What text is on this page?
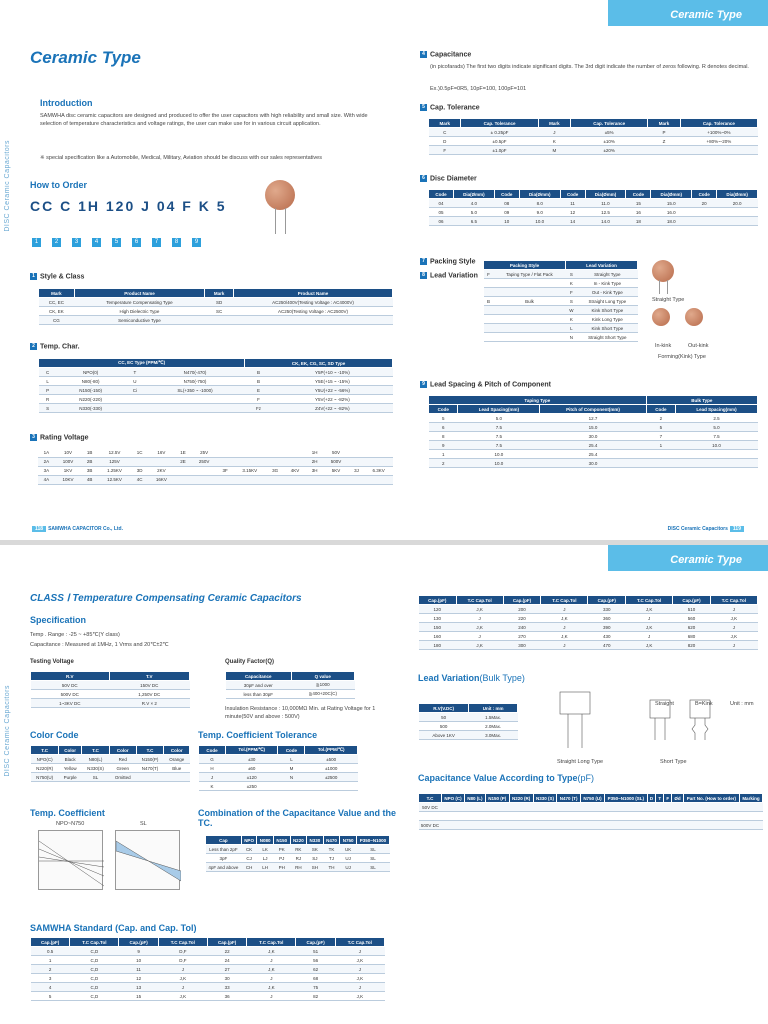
Ceramic Type
DISC Ceramic Capacitors
Ceramic Type
Introduction
SAMWHA disc ceramic capacitors are designed and produced to offer the user capacitors with high reliability and small size. With wide selection of temperature characteristics and voltage ratings, the user can make use for in various circuit application.
※ special specification like a Automobile, Medical, Military, Aviation should be discuss with our sales representatives
How to Order
CC C 1H 120 J 04 F K 5
1	2	3	4	5	6	7	8	9
1 Style & Class
Mark	Product Name	Mark	Product Name
CC, EC	Temperature Compensating Type	SD	AC250/400V(Testing Voltage : AC4000V)
CK, EK	High Dielectric Type	SC	AC250(Testing Voltage : AC2500V)
CG	Semiconductive Type		
2 Temp. Char.
CC, EC Type (PPM/℃)				CK, EK, CG, SC, SD Type	
C	NPO(0)	T	N470(-470)	B	Y5P(+10 ~ -10%)
L	N80(-80)	U	N750(-750)	B	Y5E(+15 ~ -15%)
P	N150(-150)	Ci	SL(+350 ~ -1000)	E	Y5U(+22 ~ -56%)
R	N220(-220)			F	Y5V(+22 ~ -82%)
S	N330(-330)			Fz	Z4V(+22 ~ -82%)
3 Rating Voltage
1A	10V	1B	12.5V	1C	16V	1E	25V					1H	50V		
2A	100V	2B	125V			2E	250V					2H	500V		
3A	1KV	3B	1.25KV	3D	2KV			3F	3.15KV	3G	4KV	3H	5KV	3J	6.3KV
4A	10KV	4B	12.5KV	4C	16KV										
4 Capacitance
(in picofarads) The first two digits indicate significant digits. The 3rd digit indicate the number of zeros following. R denotes decimal.
Ex.)0.5pF=0R5, 10pF=100, 100pF=101
5 Cap. Tolerance
Mark	Cap. Tolerance	Mark	Cap. Tolerance	Mark	Cap. Tolerance
C	± 0.25pF	J	±5%	P	+100%~0%
D	±0.5pF	K	±10%	Z	+80%~-20%
F	±1.0pF	M	±20%		
6 Disc Diameter
Code	Dia(Ømm)	Code	Dia(Ømm)	Code	Dia(Ømm)	Code	Dia(Ømm)	Code	Dia(Ømm)
04	4.0	08	8.0	11	11.0	15	15.0	20	20.0
05	5.0	09	9.0	12	12.5	16	16.0		
06	6.5	10	10.0	14	14.0	18	18.0		
7 Packing Style
8 Lead Variation
Packing Style		Lead Variation	
F	Taping Type / Flat Pack	S	Straight Type
		K	In - Kink Type
		F	Out - Kink Type
B	Bulk	S	Straight Long Type
		W	Kink Short Type
		K	Kink Long Type
		L	Kink Short Type
		N	Straight Short Type
Straight Type
In-kink	Out-kink
Forming(Kink) Type
9 Lead Spacing & Pitch of Component
Taping Type			Bulk Type	
Code	Lead Spacing(mm)	Pitch of Component(mm)	Code	Lead Spacing(mm)
5	5.0	12.7	2	2.5
6	7.5	15.0	5	5.0
8	7.5	30.0	7	7.5
9	7.5	25.4	1	10.0
1	10.0	25.4		
2	10.0	30.0		
118 SAMWHA CAPACITOR Co., Ltd.	DISC Ceramic Capacitors 119
Ceramic Type
DISC Ceramic Capacitors
CLASS Ⅰ Temperature Compensating Ceramic Capacitors
Specification
Temp . Range : -25 ~ +85℃(Y class)
Capacitance : Measured at 1MHz, 1 Vrms and 20℃±2℃
Testing Voltage
R.V	T.V
50V DC	150V DC
500V DC	1,250V DC
1~3KV DC	R.V × 2
Quality Factor(Q)
Capacitance	Q value
30pF and over	≧1000
less than 30pF	≧400+20C(C)
Insulation Resistance : 10,000MΩ Min. at Rating Voltage for 1 minute(50V and above : 500V)
Color Code
T.C	Color	T.C	Color	T.C	Color
NPO(C)	Black	N80(L)	Red	N150(P)	Orange
N220(R)	Yellow	N330(S)	Green	N470(T)	Blue
N750(U)	Purple	SL	Omitted		
Temp. Coefficient Tolerance
Code	Tol.(PPM/℃)	Code	Tol.(PPM/℃)
G	±30	L	±500
H	±60	M	±1000
J	±120	N	±2500
K	±250		
Temp. Coefficient
NPO~N750	SL
Combination of the Capacitance Value and the TC.
Cap	NPO	N080	N150	N220	N330	N470	N750	P350~N1000
Less than 2pF	CK	LK	PK	RK	SK	TK	UK	SL
3pF	CJ	LJ	PJ	RJ	SJ	TJ	UJ	SL
4pF and above	CH	LH	PH	RH	SH	TH	UJ	SL
SAMWHA Standard (Cap. and Cap. Tol)
Cap.(pF)	T.C Cap.Tol	Cap.(pF)	T.C Cap.Tol	Cap.(pF)	T.C Cap.Tol	Cap.(pF)	T.C Cap.Tol
0.5	C,D	9	D,F	22	J,K	51	J
1	C,D	10	D,F	24	J	56	J,K
2	C,D	11	J	27	J,K	62	J
3	C,D	12	J,K	30	J	68	J,K
4	C,D	13	J	33	J,K	75	J
5	C,D	15	J,K	36	J	82	J,K
Cap.(pF)	T.C Cap.Tol	Cap.(pF)	T.C Cap.Tol	Cap.(pF)	T.C Cap.Tol	Cap.(pF)	T.C Cap.Tol
120	J,K	200	J	330	J,K	510	J
130	J	220	J,K	360	J	560	J,K
150	J,K	240	J	390	J,K	620	J
160	J	270	J,K	430	J	680	J,K
180	J,K	300	J	470	J,K	820	J
Lead Variation(Bulk Type)
R.V(V.DC)	Unit : mm
50	1.5Max.
500	2.0Max.
Above 1KV	3.0Max.
Straight Long Type
Straight	B=Kink	Unit : mm
Short Type
Capacitance Value According to Type(pF)
T.C	NPO (C)	N80 (L)	N150 (P)	N220 (R)	N330 (S)	N470 (T)	N750 (U)	P350~N1000 (SL)	D	T	F	Ød	Part No. (How to order)	Marking
50V DC														

500V DC														
